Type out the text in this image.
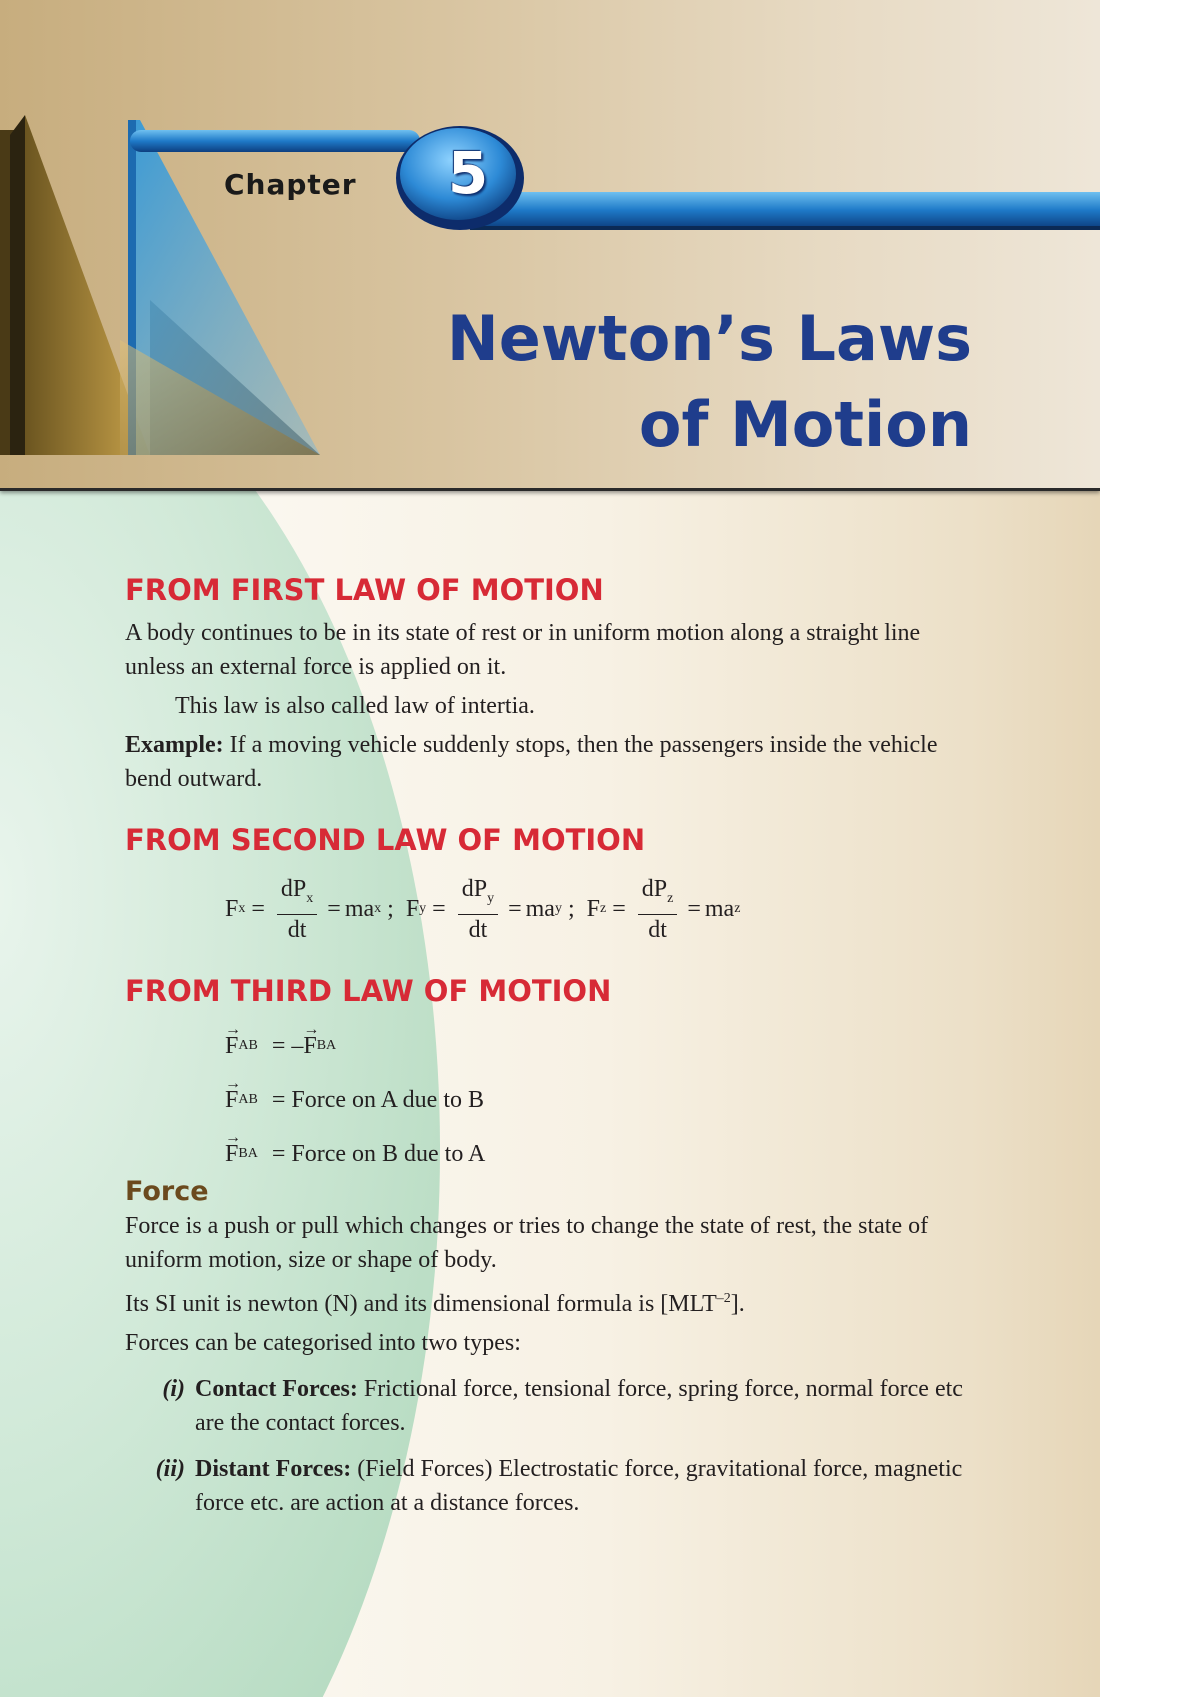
Chapter	5
Newton’s Laws
of Motion
FROM FIRST LAW OF MOTION

A body continues to be in its state of rest or in uniform motion along a straight line unless an external force is applied on it.

This law is also called law of intertia.

Example: If a moving vehicle suddenly stops, then the passengers inside the vehicle bend outward.

FROM SECOND LAW OF MOTION
F $x = \frac{dP_x}{dt}$ = ma x ; F $y = \frac{dP_y}{dt}$ = ma y ; F $z = \frac{dP_z}{dt}$ = ma z
FROM THIRD LAW OF MOTION
→ F AB = –
→ F BA
→ F AB = Force on A due to B
→ F BA = Force on B due to A
Force

Force is a push or pull which changes or tries to change the state of rest, the state of uniform motion, size or shape of body.

Its SI unit is newton (N) and its dimensional formula is $[MLT^{-2}]$.

Forces can be categorised into two types:

(i) Contact Forces: Frictional force, tensional force, spring force, normal force etc are the contact forces.
(ii) Distant Forces: (Field Forces) Electrostatic force, gravitational force, magnetic force etc. are action at a distance forces.
